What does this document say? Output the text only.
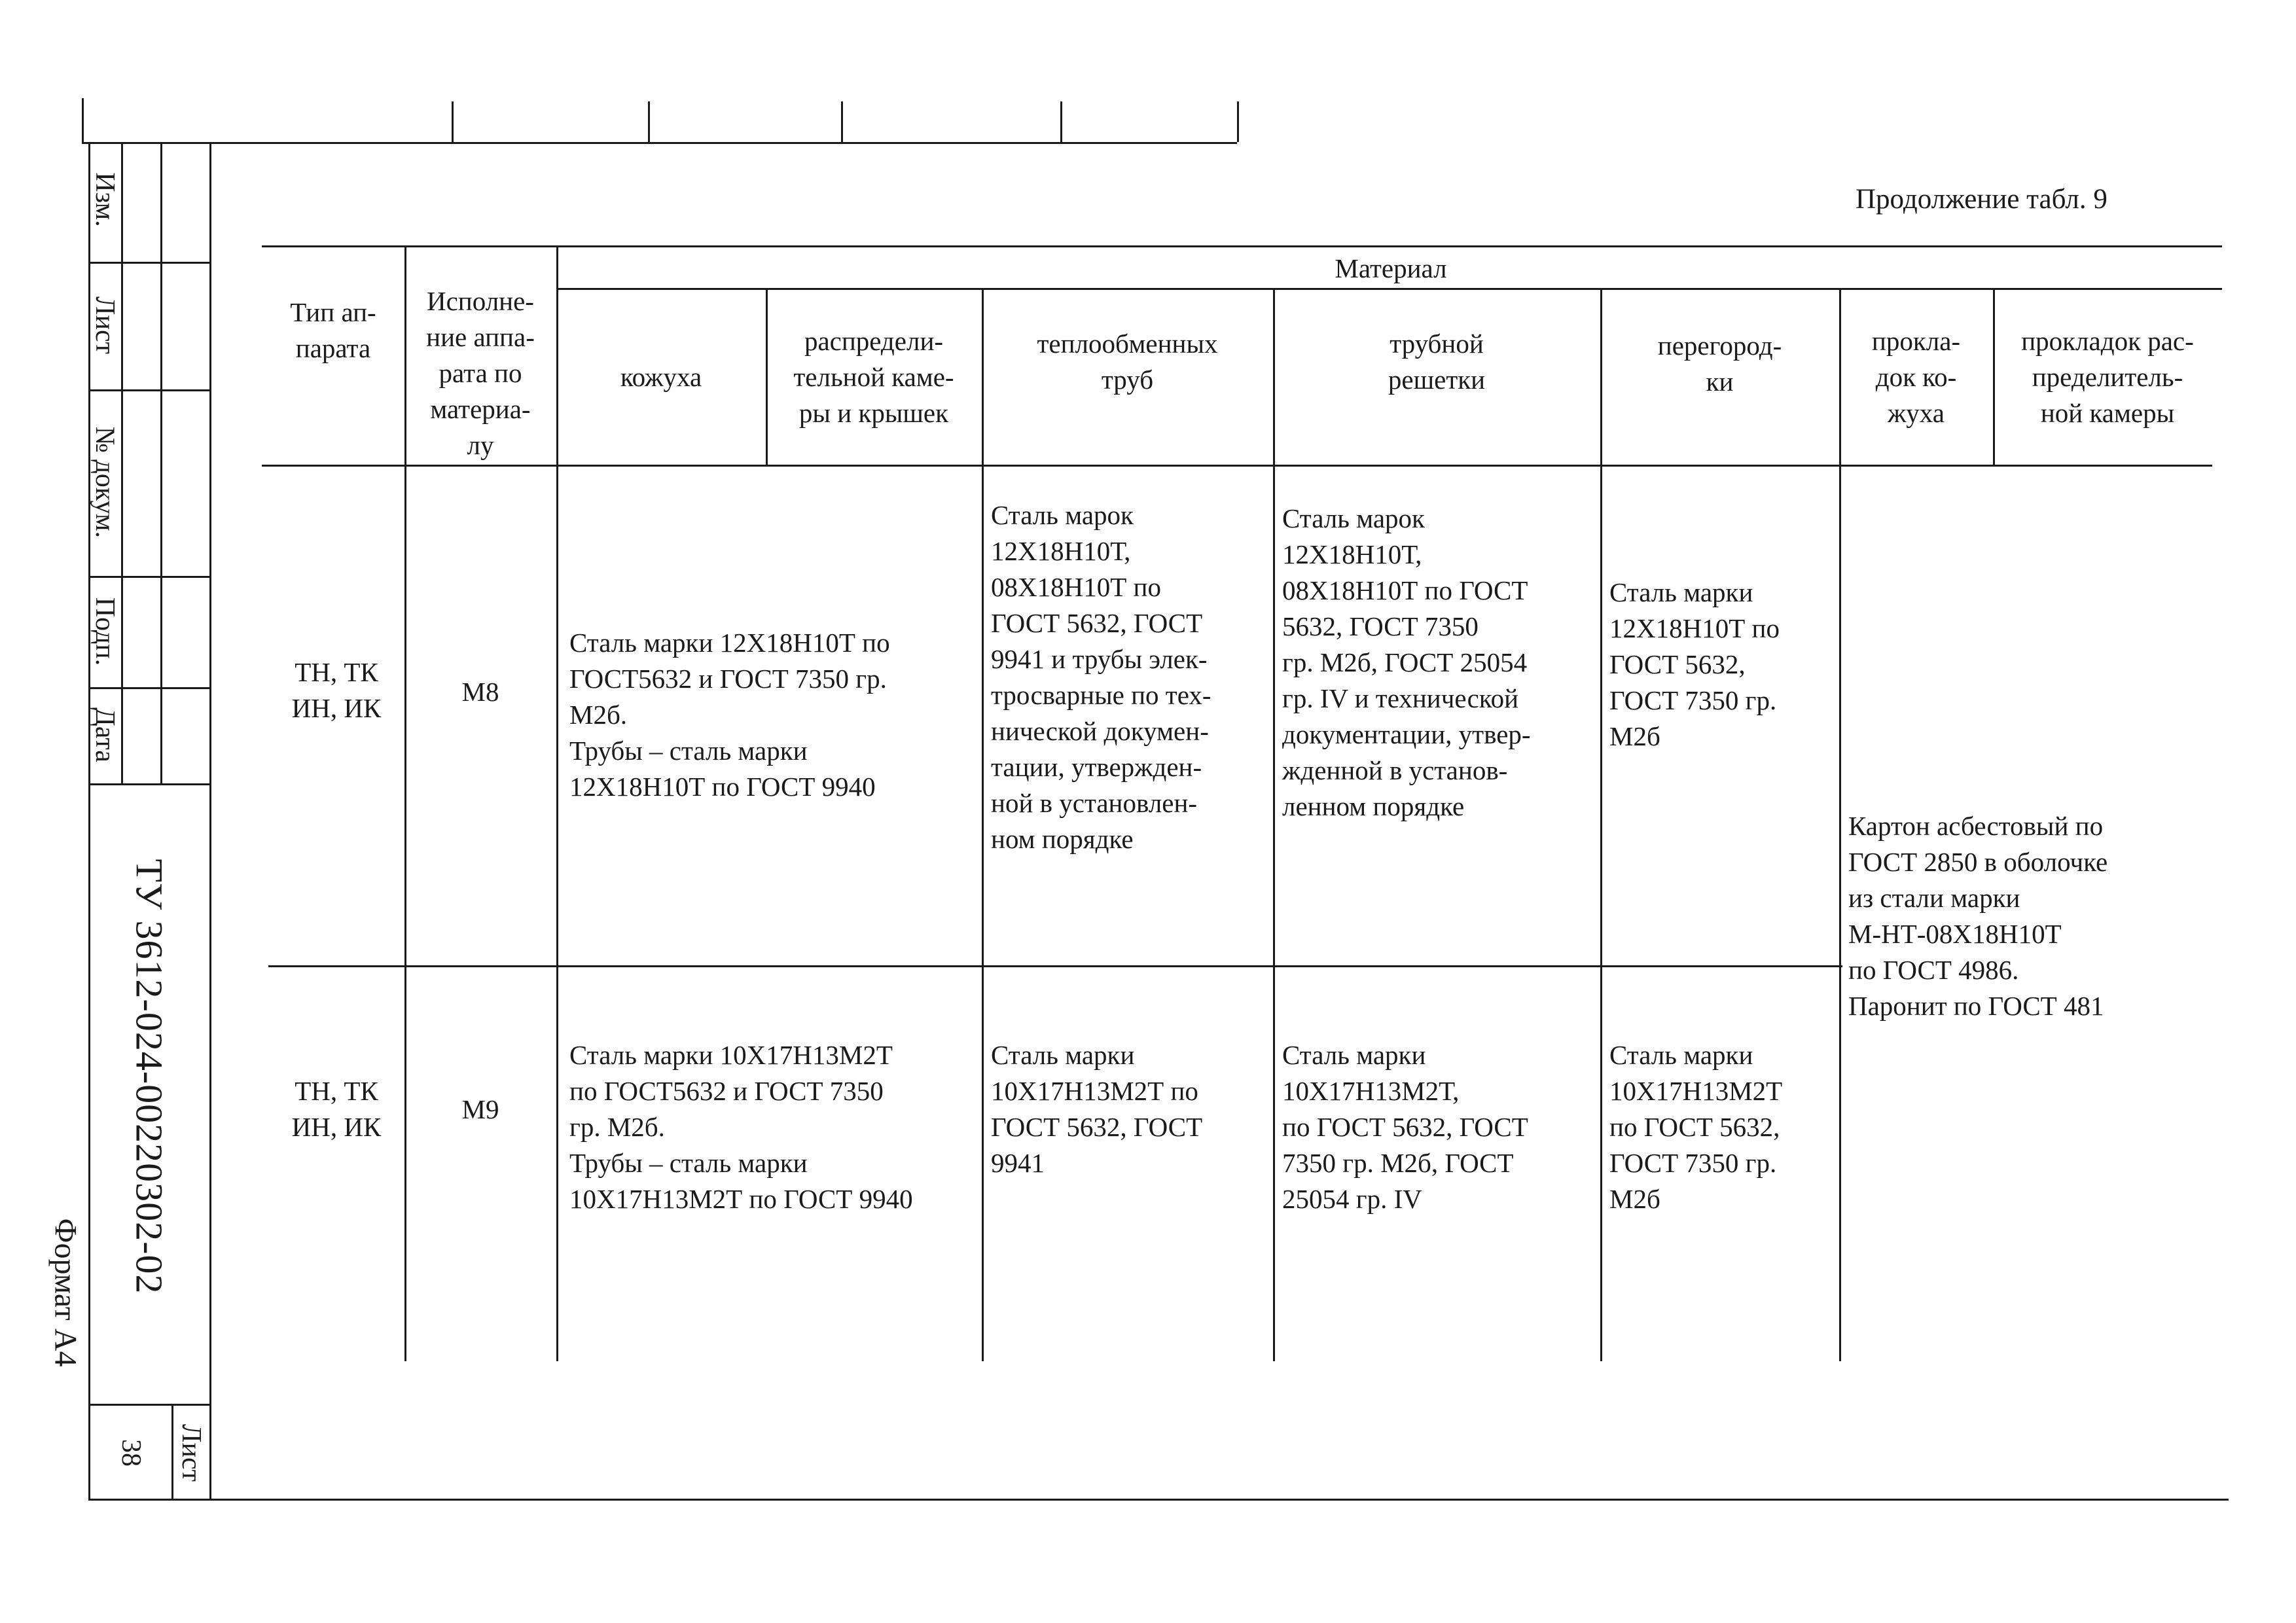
Изм.
Лист
№ докум.
Подп.
Дата
ТУ 3612-024-00220302-02
Формат А4
Лист
38
Продолжение табл. 9
Тип ап-
парата
Исполне-
ние аппа-
рата по
материа-
лу
Материал
кожуха
распредели-
тельной каме-
ры и крышек
теплообменных
труб
трубной
решетки
перегород-
ки
прокла-
док ко-
жуха
прокладок рас-
пределитель-
ной камеры
ТН, ТК
ИН, ИК
М8
Сталь марки 12Х18Н10Т по
ГОСТ5632 и ГОСТ 7350 гр.
М2б.
Трубы – сталь марки
12Х18Н10Т по ГОСТ 9940
Сталь марок
12Х18Н10Т,
08Х18Н10Т по
ГОСТ 5632, ГОСТ
9941 и трубы элек-
тросварные по тех-
нической докумен-
тации, утвержден-
ной в установлен-
ном порядке
Сталь марок
12Х18Н10Т,
08Х18Н10Т по ГОСТ
5632, ГОСТ 7350
гр. М2б, ГОСТ 25054
гр. IV и технической
документации, утвер-
жденной в установ-
ленном порядке
Сталь марки
12Х18Н10Т по
ГОСТ 5632,
ГОСТ 7350 гр.
М2б
Картон асбестовый по
ГОСТ 2850 в оболочке
из стали марки
М-НТ-08Х18Н10Т
по ГОСТ 4986.
Паронит по ГОСТ 481
ТН, ТК
ИН, ИК
М9
Сталь марки 10Х17Н13М2Т
по ГОСТ5632 и ГОСТ 7350
гр. М2б.
Трубы – сталь марки
10Х17Н13М2Т по ГОСТ 9940
Сталь марки
10Х17Н13М2Т по
ГОСТ 5632, ГОСТ
9941
Сталь марки
10Х17Н13М2Т,
по ГОСТ 5632, ГОСТ
7350 гр. М2б, ГОСТ
25054 гр. IV
Сталь марки
10Х17Н13М2Т
по ГОСТ 5632,
ГОСТ 7350 гр.
М2б
